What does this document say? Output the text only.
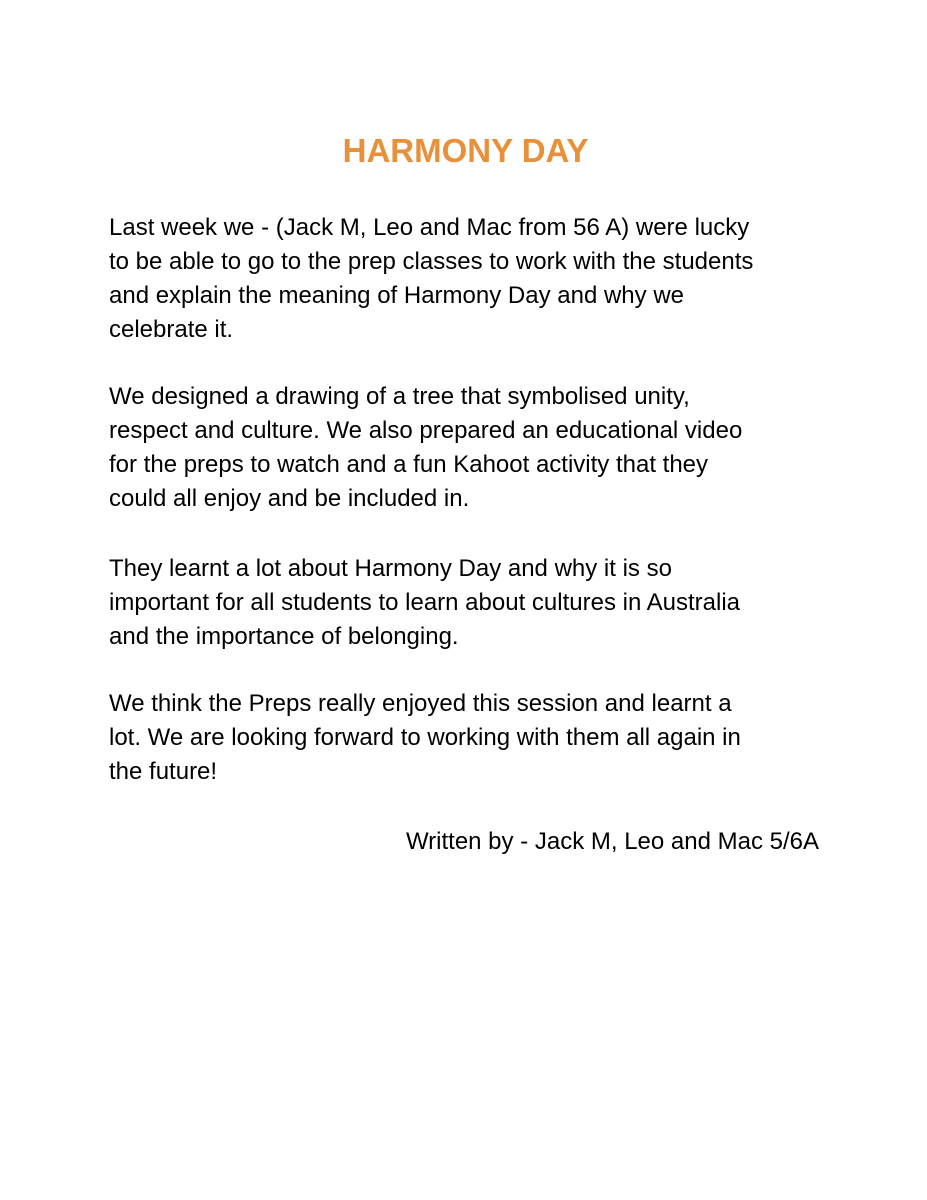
HARMONY DAY

Last week we - (Jack M, Leo and Mac from 56 A) were lucky
to be able to go to the prep classes to work with the students
and explain the meaning of Harmony Day and why we
celebrate it.

We designed a drawing of a tree that symbolised unity,
respect and culture. We also prepared an educational video
for the preps to watch and a fun Kahoot activity that they
could all enjoy and be included in.

They learnt a lot about Harmony Day and why it is so
important for all students to learn about cultures in Australia
and the importance of belonging.

We think the Preps really enjoyed this session and learnt a
lot. We are looking forward to working with them all again in
the future!

Written by - Jack M, Leo and Mac 5/6A
